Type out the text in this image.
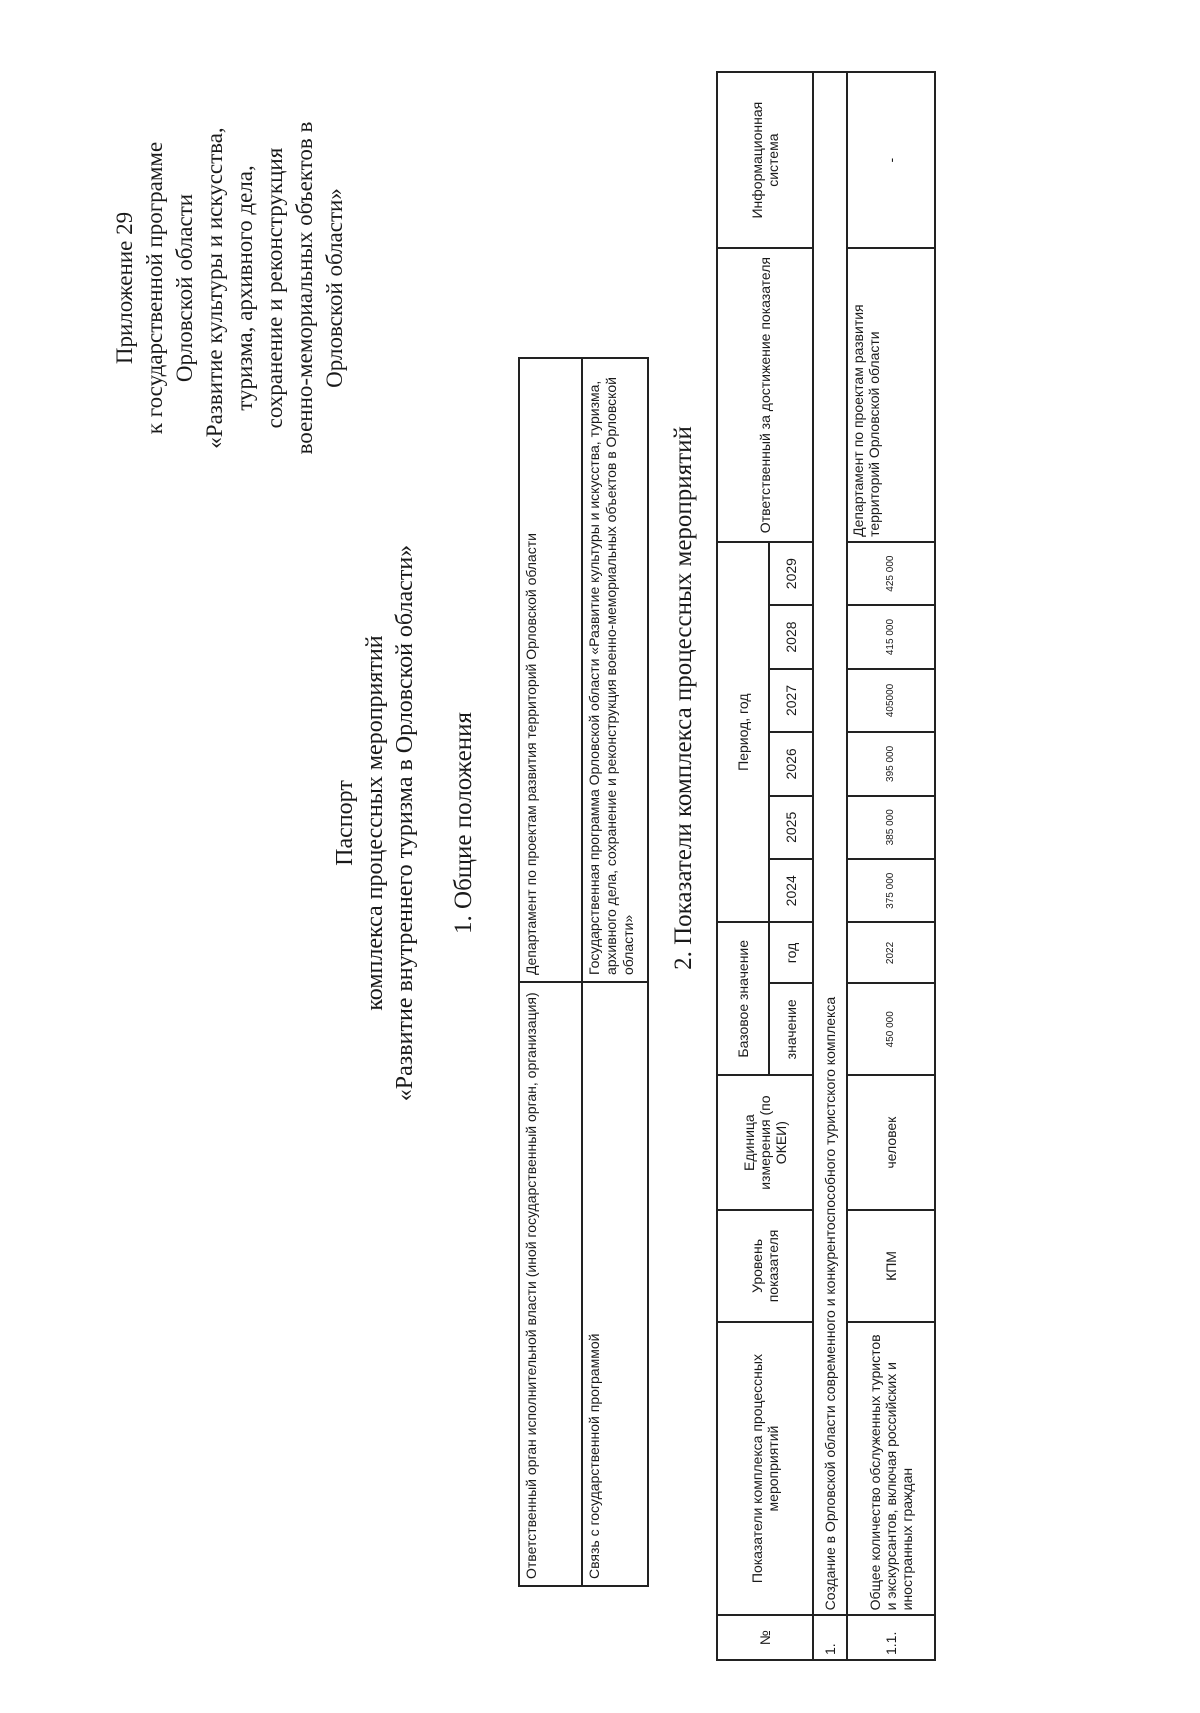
Приложение 29 к государственной программе Орловской области «Развитие культуры и искусства, туризма, архивного дела, сохранение и реконструкция военно-мемориальных объектов в Орловской области»
Паспорт комплекса процессных мероприятий «Развитие внутреннего туризма в Орловской области» 1. Общие положения
Ответственный орган исполнительной власти (иной государственный орган, организация)	Департамент по проектам развития территорий Орловской области
Связь с государственной программой	Государственная программа Орловской области «Развитие культуры и искусства, туризма, архивного дела, сохранение и реконструкция военно-мемориальных объектов в Орловской области» 2. Показатели комплекса процессных мероприятий
№	Показатели комплекса процессных мероприятий	Уровень показателя	Единица измерения (по ОКЕИ)	Базовое значение		Период, год						Ответственный за достижение показателя	Информационная система
				значение	год	2024	2025	2026	2027	2028	2029		
1.	Создание в Орловской области современного и конкурентоспособного туристского комплекса												
1.1.	Общее количество обслуженных туристов и экскурсантов, включая российских и иностранных граждан	КПМ	человек	450 000	2022	375 000	385 000	395 000	405000	415 000	425 000	Департамент по проектам развития территорий Орловской области	-
